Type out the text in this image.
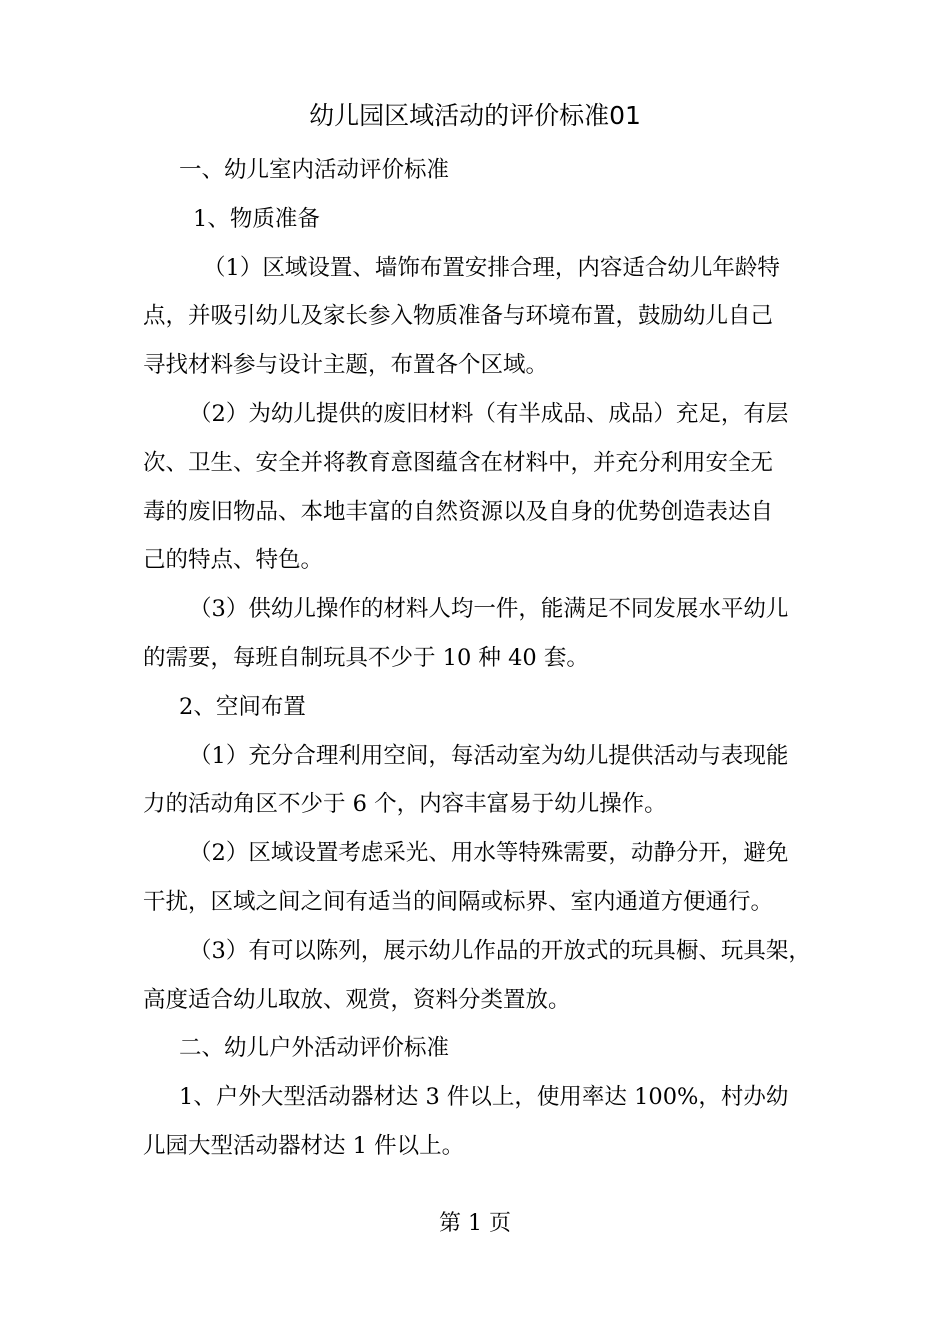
幼儿园区域活动的评价标准01

一、幼儿室内活动评价标准

1、物质准备

（1）区域设置、墙饰布置安排合理，内容适合幼儿年龄特

点，并吸引幼儿及家长参入物质准备与环境布置，鼓励幼儿自己

寻找材料参与设计主题，布置各个区域。

（2）为幼儿提供的废旧材料（有半成品、成品）充足，有层

次、卫生、安全并将教育意图蕴含在材料中，并充分利用安全无

毒的废旧物品、本地丰富的自然资源以及自身的优势创造表达自

己的特点、特色。

（3）供幼儿操作的材料人均一件，能满足不同发展水平幼儿

的需要，每班自制玩具不少于 10 种 40 套。

2、空间布置

（1）充分合理利用空间，每活动室为幼儿提供活动与表现能

力的活动角区不少于 6 个，内容丰富易于幼儿操作。

（2）区域设置考虑采光、用水等特殊需要，动静分开，避免

干扰，区域之间之间有适当的间隔或标界、室内通道方便通行。

（3）有可以陈列，展示幼儿作品的开放式的玩具橱、玩具架，

高度适合幼儿取放、观赏，资料分类置放。

二、幼儿户外活动评价标准

1、户外大型活动器材达 3 件以上，使用率达 100%，村办幼

儿园大型活动器材达 1 件以上。

第 1 页
